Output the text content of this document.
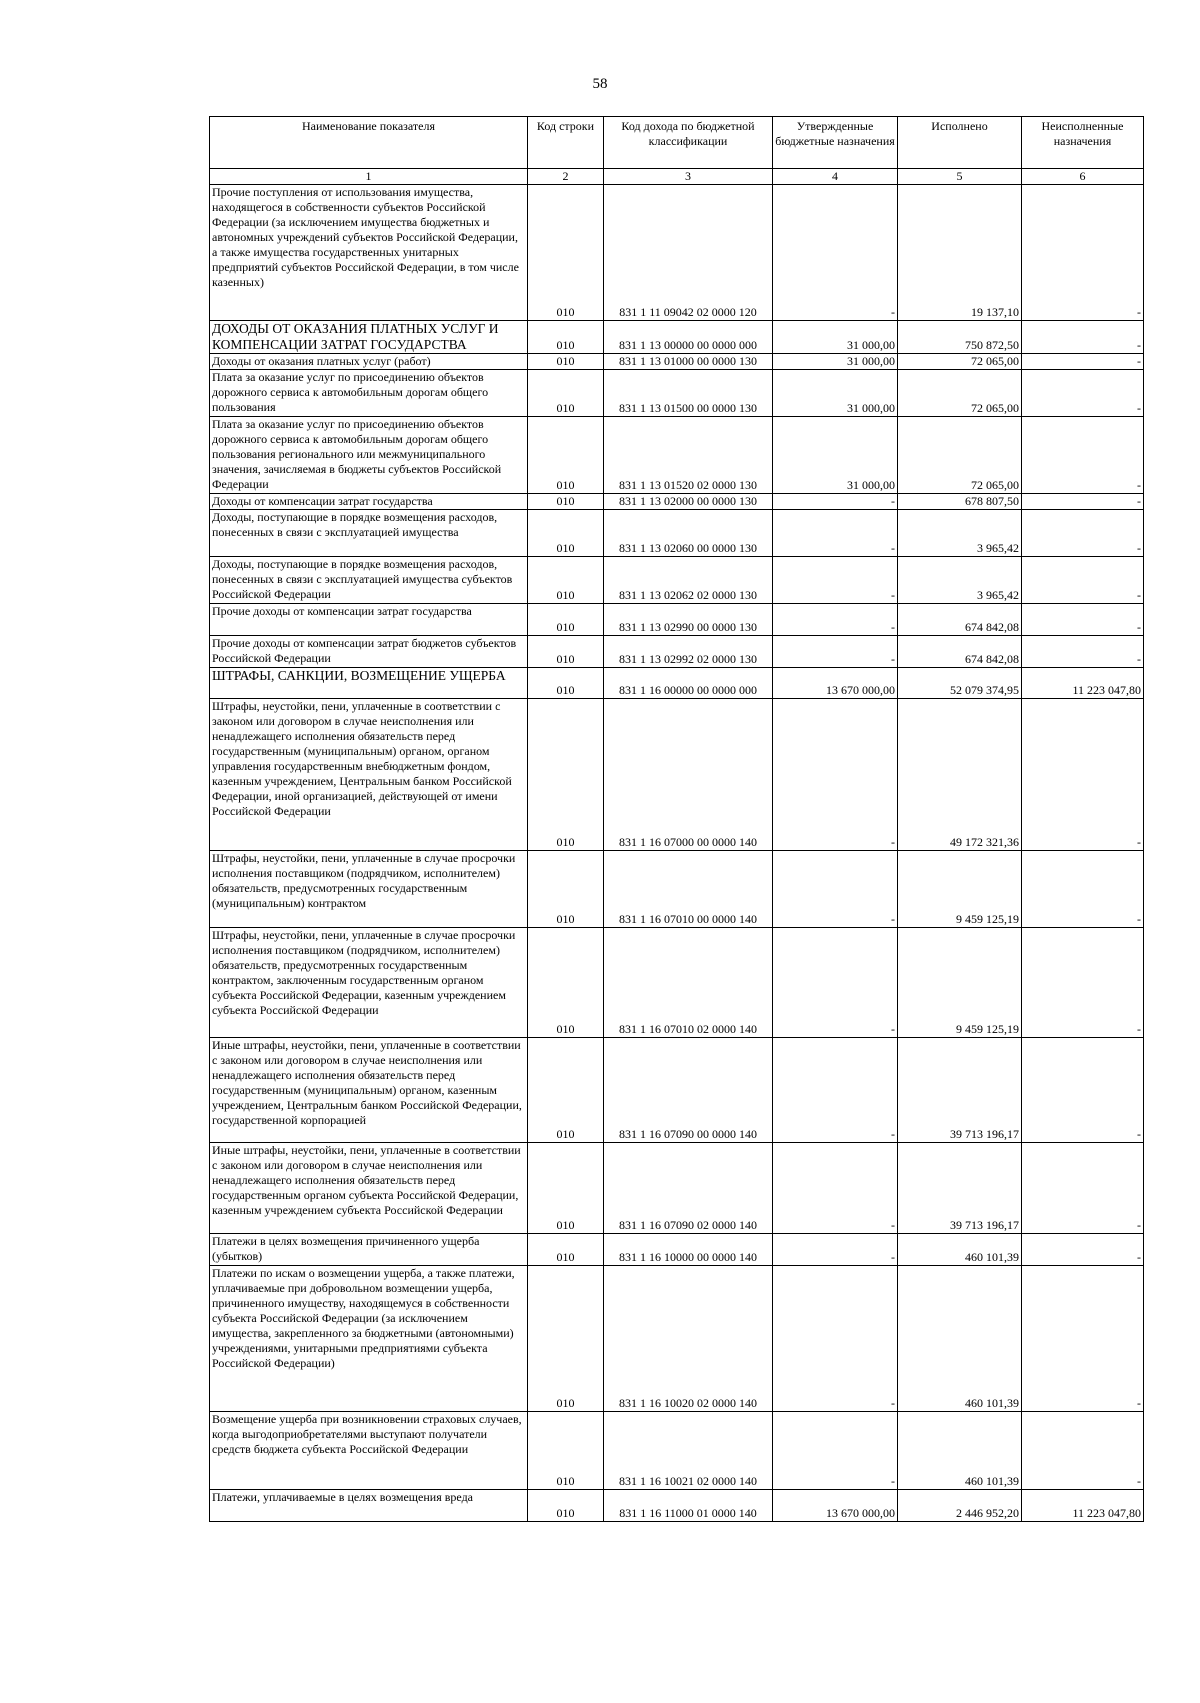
58
Наименование показателя	Код строки	Код дохода по бюджетной классификации	Утвержденные бюджетные назначения	Исполнено	Неисполненные назначения
1	2	3	4	5	6
Прочие поступления от использования имущества, находящегося в собственности субъектов Российской Федерации (за исключением имущества бюджетных и автономных учреждений субъектов Российской Федерации, а также имущества государственных унитарных предприятий субъектов Российской Федерации, в том числе казенных)	010	831 1 11 09042 02 0000 120	-	19 137,10	-
ДОХОДЫ ОТ ОКАЗАНИЯ ПЛАТНЫХ УСЛУГ И КОМПЕНСАЦИИ ЗАТРАТ ГОСУДАРСТВА	010	831 1 13 00000 00 0000 000	31 000,00	750 872,50	-
Доходы от оказания платных услуг (работ)	010	831 1 13 01000 00 0000 130	31 000,00	72 065,00	-
Плата за оказание услуг по присоединению объектов дорожного сервиса к автомобильным дорогам общего пользования	010	831 1 13 01500 00 0000 130	31 000,00	72 065,00	-
Плата за оказание услуг по присоединению объектов дорожного сервиса к автомобильным дорогам общего пользования регионального или межмуниципального значения, зачисляемая в бюджеты субъектов Российской Федерации	010	831 1 13 01520 02 0000 130	31 000,00	72 065,00	-
Доходы от компенсации затрат государства	010	831 1 13 02000 00 0000 130	-	678 807,50	-
Доходы, поступающие в порядке возмещения расходов, понесенных в связи с эксплуатацией имущества	010	831 1 13 02060 00 0000 130	-	3 965,42	-
Доходы, поступающие в порядке возмещения расходов, понесенных в связи с эксплуатацией имущества субъектов Российской Федерации	010	831 1 13 02062 02 0000 130	-	3 965,42	-
Прочие доходы от компенсации затрат государства	010	831 1 13 02990 00 0000 130	-	674 842,08	-
Прочие доходы от компенсации затрат бюджетов субъектов Российской Федерации	010	831 1 13 02992 02 0000 130	-	674 842,08	-
ШТРАФЫ, САНКЦИИ, ВОЗМЕЩЕНИЕ УЩЕРБА	010	831 1 16 00000 00 0000 000	13 670 000,00	52 079 374,95	11 223 047,80
Штрафы, неустойки, пени, уплаченные в соответствии с законом или договором в случае неисполнения или ненадлежащего исполнения обязательств перед государственным (муниципальным) органом, органом управления государственным внебюджетным фондом, казенным учреждением, Центральным банком Российской Федерации, иной организацией, действующей от имени Российской Федерации	010	831 1 16 07000 00 0000 140	-	49 172 321,36	-
Штрафы, неустойки, пени, уплаченные в случае просрочки исполнения поставщиком (подрядчиком, исполнителем) обязательств, предусмотренных государственным (муниципальным) контрактом	010	831 1 16 07010 00 0000 140	-	9 459 125,19	-
Штрафы, неустойки, пени, уплаченные в случае просрочки исполнения поставщиком (подрядчиком, исполнителем) обязательств, предусмотренных государственным контрактом, заключенным государственным органом субъекта Российской Федерации, казенным учреждением субъекта Российской Федерации	010	831 1 16 07010 02 0000 140	-	9 459 125,19	-
Иные штрафы, неустойки, пени, уплаченные в соответствии с законом или договором в случае неисполнения или ненадлежащего исполнения обязательств перед государственным (муниципальным) органом, казенным учреждением, Центральным банком Российской Федерации, государственной корпорацией	010	831 1 16 07090 00 0000 140	-	39 713 196,17	-
Иные штрафы, неустойки, пени, уплаченные в соответствии с законом или договором в случае неисполнения или ненадлежащего исполнения обязательств перед государственным органом субъекта Российской Федерации, казенным учреждением субъекта Российской Федерации	010	831 1 16 07090 02 0000 140	-	39 713 196,17	-
Платежи в целях возмещения причиненного ущерба (убытков)	010	831 1 16 10000 00 0000 140	-	460 101,39	-
Платежи по искам о возмещении ущерба, а также платежи, уплачиваемые при добровольном возмещении ущерба, причиненного имуществу, находящемуся в собственности субъекта Российской Федерации (за исключением имущества, закрепленного за бюджетными (автономными) учреждениями, унитарными предприятиями субъекта Российской Федерации)	010	831 1 16 10020 02 0000 140	-	460 101,39	-
Возмещение ущерба при возникновении страховых случаев, когда выгодоприобретателями выступают получатели средств бюджета субъекта Российской Федерации	010	831 1 16 10021 02 0000 140	-	460 101,39	-
Платежи, уплачиваемые в целях возмещения вреда	010	831 1 16 11000 01 0000 140	13 670 000,00	2 446 952,20	11 223 047,80
